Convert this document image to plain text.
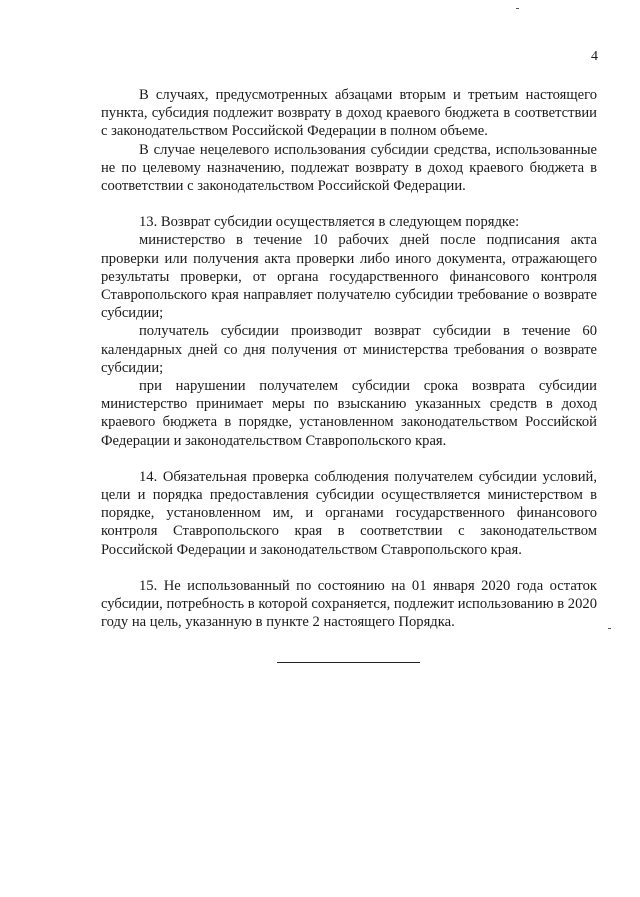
4

В случаях, предусмотренных абзацами вторым и третьим настоящего пункта, субсидия подлежит возврату в доход краевого бюджета в соответствии с законодательством Российской Федерации в полном объеме.

В случае нецелевого использования субсидии средства, использованные не по целевому назначению, подлежат возврату в доход краевого бюджета в соответствии с законодательством Российской Федерации.

13. Возврат субсидии осуществляется в следующем порядке:

министерство в течение 10 рабочих дней после подписания акта проверки или получения акта проверки либо иного документа, отражающего результаты проверки, от органа государственного финансового контроля Ставропольского края направляет получателю субсидии требование о возврате субсидии;

получатель субсидии производит возврат субсидии в течение 60 календарных дней со дня получения от министерства требования о возврате субсидии;

при нарушении получателем субсидии срока возврата субсидии министерство принимает меры по взысканию указанных средств в доход краевого бюджета в порядке, установленном законодательством Российской Федерации и законодательством Ставропольского края.

14. Обязательная проверка соблюдения получателем субсидии условий, цели и порядка предоставления субсидии осуществляется министерством в порядке, установленном им, и органами государственного финансового контроля Ставропольского края в соответствии с законодательством Российской Федерации и законодательством Ставропольского края.

15. Не использованный по состоянию на 01 января 2020 года остаток субсидии, потребность в которой сохраняется, подлежит использованию в 2020 году на цель, указанную в пункте 2 настоящего Порядка.
